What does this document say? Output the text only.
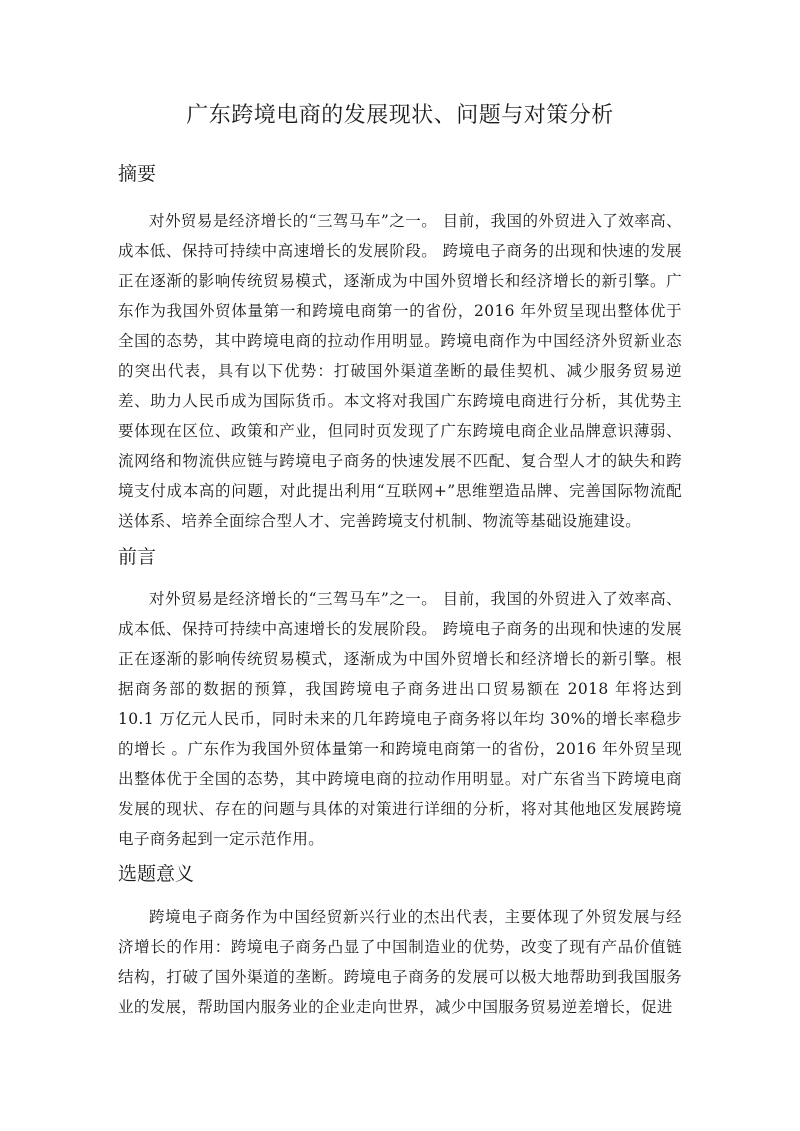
广东跨境电商的发展现状、问题与对策分析
摘要

对外贸易是经济增长的“三驾马车”之一。 目前，我国的外贸进入了效率高、成本低、保持可持续中高速增长的发展阶段。 跨境电子商务的出现和快速的发展正在逐渐的影响传统贸易模式，逐渐成为中国外贸增长和经济增长的新引擎。广东作为我国外贸体量第一和跨境电商第一的省份，2016 年外贸呈现出整体优于全国的态势，其中跨境电商的拉动作用明显。跨境电商作为中国经济外贸新业态的突出代表，具有以下优势：打破国外渠道垄断的最佳契机、减少服务贸易逆差、助力人民币成为国际货币。本文将对我国广东跨境电商进行分析，其优势主要体现在区位、政策和产业，但同时页发现了广东跨境电商企业品牌意识薄弱、流网络和物流供应链与跨境电子商务的快速发展不匹配、复合型人才的缺失和跨境支付成本高的问题，对此提出利用“互联网+”思维塑造品牌、完善国际物流配送体系、培养全面综合型人才、完善跨境支付机制、物流等基础设施建设。

前言

对外贸易是经济增长的“三驾马车”之一。 目前，我国的外贸进入了效率高、成本低、保持可持续中高速增长的发展阶段。 跨境电子商务的出现和快速的发展正在逐渐的影响传统贸易模式，逐渐成为中国外贸增长和经济增长的新引擎。根据商务部的数据的预算，我国跨境电子商务进出口贸易额在 2018 年将达到 10.1 万亿元人民币，同时未来的几年跨境电子商务将以年均 30%的增长率稳步的增长 。广东作为我国外贸体量第一和跨境电商第一的省份，2016 年外贸呈现出整体优于全国的态势，其中跨境电商的拉动作用明显。对广东省当下跨境电商发展的现状、存在的问题与具体的对策进行详细的分析，将对其他地区发展跨境电子商务起到一定示范作用。

选题意义

跨境电子商务作为中国经贸新兴行业的杰出代表，主要体现了外贸发展与经济增长的作用：跨境电子商务凸显了中国制造业的优势，改变了现有产品价值链结构，打破了国外渠道的垄断。跨境电子商务的发展可以极大地帮助到我国服务业的发展，帮助国内服务业的企业走向世界，减少中国服务贸易逆差增长，促进
